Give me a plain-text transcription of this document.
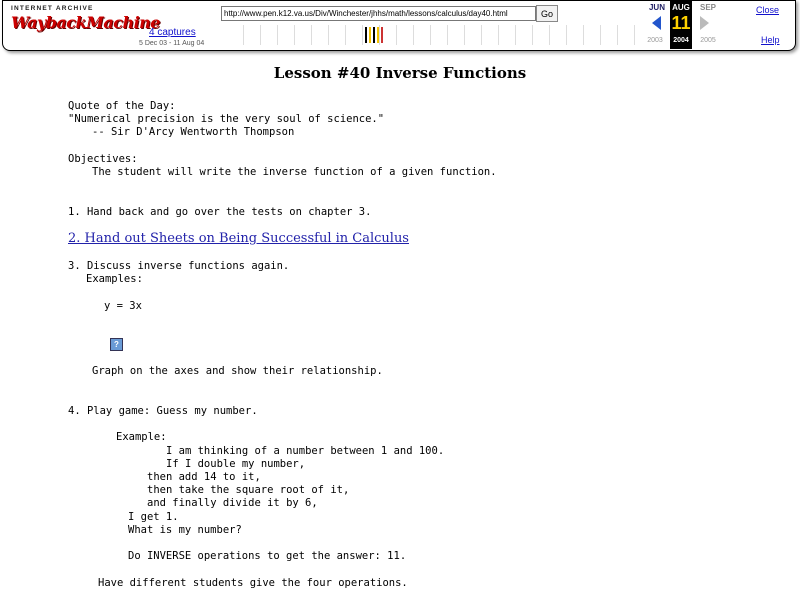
INTERNET ARCHIVE
WaybackMachine
4 captures
5 Dec 03 - 11 Aug 04
http://www.pen.k12.va.us/Div/Winchester/jhhs/math/lessons/calculus/day40.html
Go
JUN AUG	SEP
11
2003	2004	2005
Close
Help
Lesson #40 Inverse Functions
Quote of the Day:
"Numerical precision is the very soul of science."
-- Sir D'Arcy Wentworth Thompson
Objectives:
The student will write the inverse function of a given function.
1. Hand back and go over the tests on chapter 3.
2. Hand out Sheets on Being Successful in Calculus
3. Discuss inverse functions again.
Examples:
y = 3x
?
Graph on the axes and show their relationship.
4. Play game: Guess my number.
Example:
I am thinking of a number between 1 and 100.
If I double my number,
then add 14 to it,
then take the square root of it,
and finally divide it by 6,
I get 1.
What is my number?
Do INVERSE operations to get the answer: 11.
Have different students give the four operations.
